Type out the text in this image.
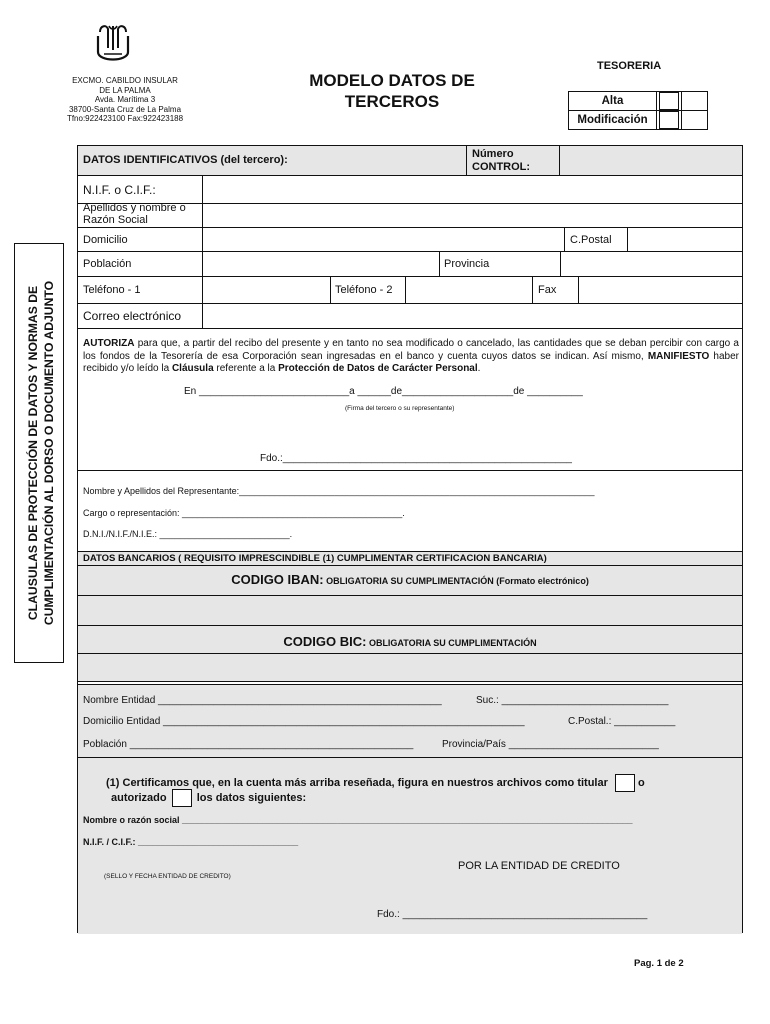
EXCMO. CABILDO INSULAR
DE LA PALMA
Avda. Marítima 3
38700-Santa Cruz de La Palma
Tfno:922423100 Fax:922423188
MODELO DATOS DE
TERCEROS
TESORERIA
Alta	

Modificación	

CLAUSULAS DE PROTECCIÓN DE DATOS Y NORMAS DE CUMPLIMENTACIÓN AL DORSO O DOCUMENTO ADJUNTO
DATOS IDENTIFICATIVOS (del tercero):	Número
CONTROL:
N.I.F. o C.I.F.:
Apellidos y nombre o
Razón Social
Domicilio	C.Postal
Población	Provincia
Teléfono - 1	Teléfono - 2	Fax
Correo electrónico
AUTORIZA para que, a partir del recibo del presente y en tanto no sea modificado o cancelado, las cantidades que se deban percibir con cargo a los fondos de la Tesorería de esa Corporación sean ingresadas en el banco y cuenta cuyos datos se indican. Así mismo, MANIFIESTO haber recibido y/o leído la Cláusula referente a la Protección de Datos de Carácter Personal.
En ___________________________a ______de____________________de __________
(Firma del tercero o su representante)
Fdo.:____________________________________________________
Nombre y Apellidos del Representante:_______________________________________________________________________
Cargo o representación: ____________________________________________.
D.N.I./N.I.F./N.I.E.: __________________________.
DATOS BANCARIOS ( REQUISITO IMPRESCINDIBLE (1) CUMPLIMENTAR CERTIFICACION BANCARIA)
CODIGO IBAN: OBLIGATORIA SU CUMPLIMENTACIÓN (Formato electrónico)
CODIGO BIC: OBLIGATORIA SU CUMPLIMENTACIÓN
Nombre Entidad ___________________________________________________	Suc.: ______________________________
Domicilio Entidad _________________________________________________________________	C.Postal.: ___________
Población ___________________________________________________	Provincia/País ___________________________
(1) Certificamos que, en la cuenta más arriba reseñada, figura en nuestros archivos como titular	o
autorizado	los datos siguientes:
Nombre o razón social __________________________________________________________________________________________
N.I.F. / C.I.F.: ________________________________
POR LA ENTIDAD DE CREDITO
(SELLO Y FECHA ENTIDAD DE CREDITO)
Fdo.: ____________________________________________
Pag. 1 de 2
